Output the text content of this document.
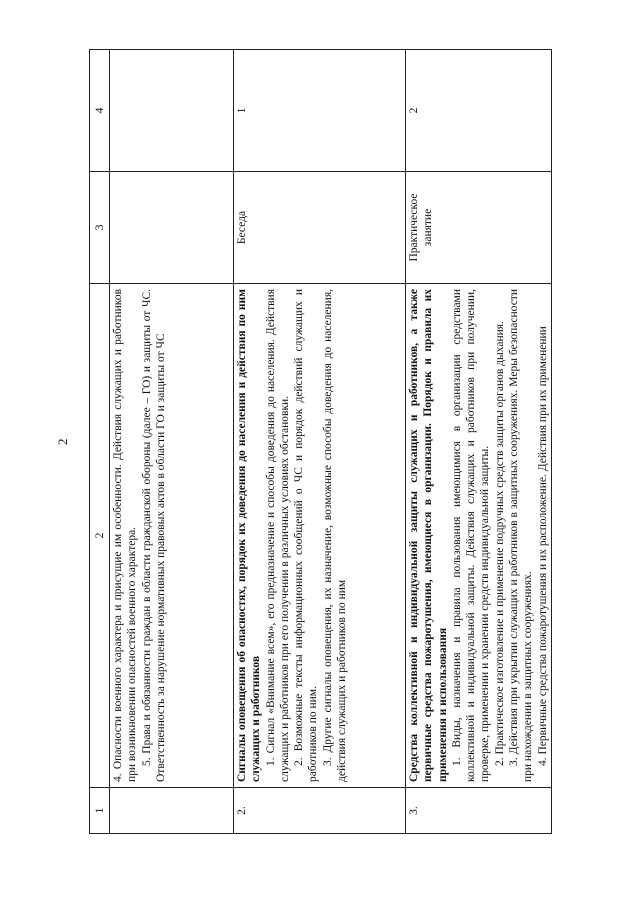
2
1	2	3	4

	4. Опасности военного характера и присущие им особенности. Действия служащих и работников при возникновении опасностей военного характера. 5. Права и обязанности граждан в области гражданской обороны (далее – ГО) и защиты от ЧС. Ответственность за нарушение нормативных правовых актов в области ГО и защиты от ЧС		

2.	Сигналы оповещения об опасностях, порядок их доведения до населения и действия по ним служащих и работников 1. Сигнал «Внимание всем», его предназначение и способы доведения до населения. Действия служащих и работников при его получении в различных условиях обстановки. 2. Возможные тексты информационных сообщений о ЧС и порядок действий служащих и работников по ним. 3. Другие сигналы оповещения, их назначение, возможные способы доведения до населения, действия служащих и работников по ним	Беседа	1
3.	Средства коллективной и индивидуальной защиты служащих и работников, а также первичные средства пожаротушения, имеющиеся в организации. Порядок и правила их применения и использования 1. Виды, назначения и правила пользования имеющимися в организации средствами коллективной и индивидуальной защиты. Действия служащих и работников при получении, проверке, применении и хранении средств индивидуальной защиты. 2. Практическое изготовление и применение подручных средств защиты органов дыхания. 3. Действия при укрытии служащих и работников в защитных сооружениях. Меры безопасности при нахождении в защитных сооружениях. 4. Первичные средства пожаротушения и их расположение. Действия при их применении	Практическое занятие	2
